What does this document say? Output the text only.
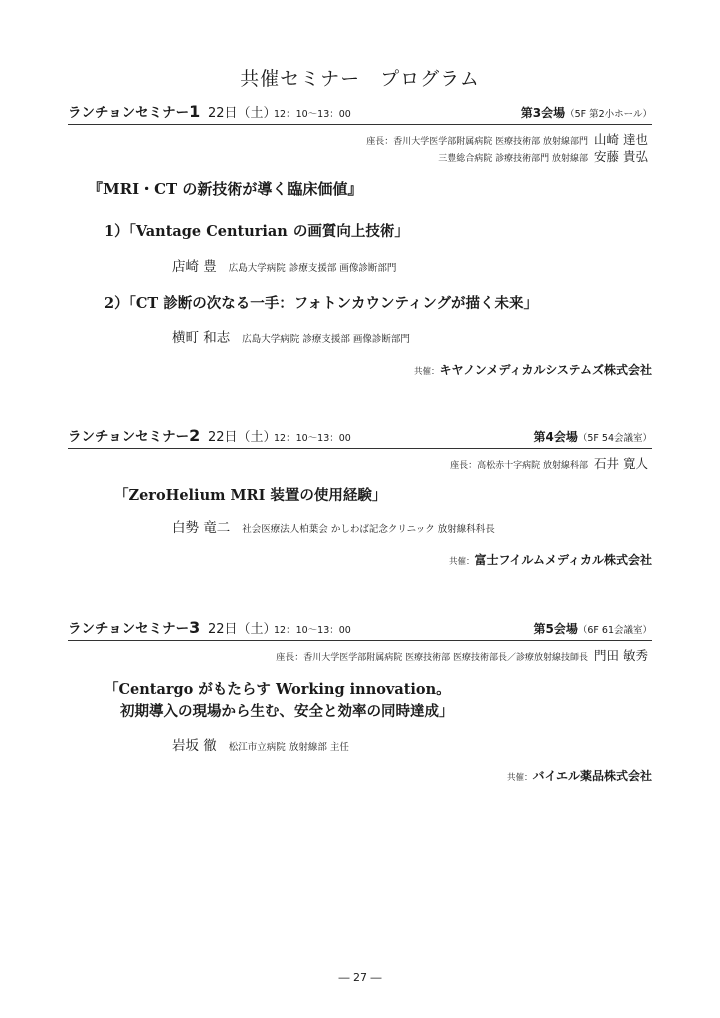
共催セミナー　プログラム
ランチョンセミナー1 22日（土）
12：10～13：00	第3会場（5F 第2小ホール）
座長：香川大学医学部附属病院 医療技術部 放射線部門 山崎 達也
三豊総合病院 診療技術部門 放射線部 安藤 貴弘
『MRI・CT の新技術が導く臨床価値』
1）「Vantage Centurian の画質向上技術」
店崎 豊 広島大学病院 診療支援部 画像診断部門
2）「CT 診断の次なる一手：フォトンカウンティングが描く未来」
横町 和志 広島大学病院 診療支援部 画像診断部門
共催：キヤノンメディカルシステムズ株式会社
ランチョンセミナー2 22日（土）
12：10～13：00	第4会場（5F 54会議室）
座長：高松赤十字病院 放射線科部 石井 寛人
「ZeroHelium MRI 装置の使用経験」
白勢 竜二 社会医療法人柏葉会 かしわば記念クリニック 放射線科科長
共催：富士フイルムメディカル株式会社
ランチョンセミナー3 22日（土）
12：10～13：00	第5会場（6F 61会議室）
座長：香川大学医学部附属病院 医療技術部 医療技術部長／診療放射線技師長 門田 敏秀
「Centargo がもたらす Working innovation。
初期導入の現場から生む、安全と効率の同時達成」
岩坂 徹 松江市立病院 放射線部 主任
共催：バイエル薬品株式会社
― 27 ―
